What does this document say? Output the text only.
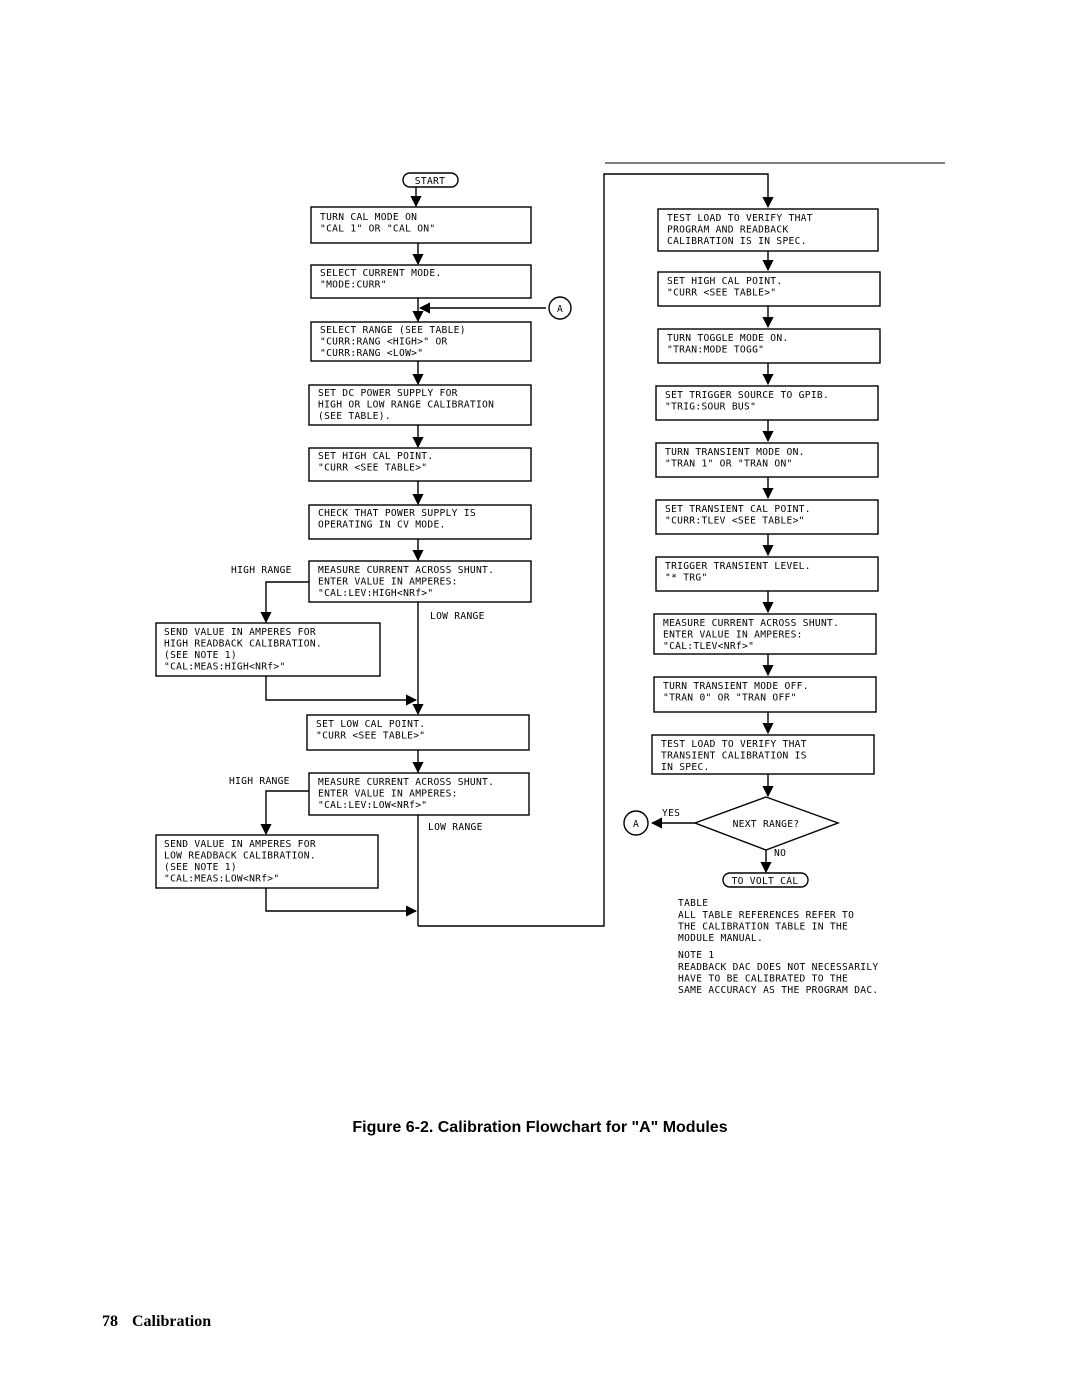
START
TURN CAL MODE ON "CAL 1" OR "CAL ON"
SELECT CURRENT MODE. "MODE:CURR"
A
SELECT RANGE (SEE TABLE) "CURR:RANG <HIGH>" OR "CURR:RANG <LOW>"
SET DC POWER SUPPLY FOR HIGH OR LOW RANGE CALIBRATION (SEE TABLE).
SET HIGH CAL POINT. "CURR <SEE TABLE>"
CHECK THAT POWER SUPPLY IS OPERATING IN CV MODE.
HIGH RANGE	MEASURE CURRENT ACROSS SHUNT. ENTER VALUE IN AMPERES: "CAL:LEV:HIGH<NRf>"
LOW RANGE
SEND VALUE IN AMPERES FOR HIGH READBACK CALIBRATION. (SEE NOTE 1) "CAL:MEAS:HIGH<NRf>"
SET LOW CAL POINT. "CURR <SEE TABLE>"
HIGH RANGE	MEASURE CURRENT ACROSS SHUNT. ENTER VALUE IN AMPERES: "CAL:LEV:LOW<NRf>"
LOW RANGE
SEND VALUE IN AMPERES FOR LOW READBACK CALIBRATION. (SEE NOTE 1) "CAL:MEAS:LOW<NRf>"
TEST LOAD TO VERIFY THAT PROGRAM AND READBACK CALIBRATION IS IN SPEC.
SET HIGH CAL POINT. "CURR <SEE TABLE>"
TURN TOGGLE MODE ON. "TRAN:MODE TOGG"
SET TRIGGER SOURCE TO GPIB. "TRIG:SOUR BUS"
TURN TRANSIENT MODE ON. "TRAN 1" OR "TRAN ON"
SET TRANSIENT CAL POINT. "CURR:TLEV <SEE TABLE>"
TRIGGER TRANSIENT LEVEL. "* TRG"
MEASURE CURRENT ACROSS SHUNT. ENTER VALUE IN AMPERES: "CAL:TLEV<NRf>"
TURN TRANSIENT MODE OFF. "TRAN 0" OR "TRAN OFF"
TEST LOAD TO VERIFY THAT TRANSIENT CALIBRATION IS IN SPEC.
NEXT RANGE?
YES
NO
A
TO VOLT CAL
TABLE
ALL TABLE REFERENCES REFER TO THE CALIBRATION TABLE IN THE MODULE MANUAL.
NOTE 1
READBACK DAC DOES NOT NECESSARILY HAVE TO BE CALIBRATED TO THE SAME ACCURACY AS THE PROGRAM DAC.
Figure 6-2. Calibration Flowchart for "A" Modules
78 Calibration
